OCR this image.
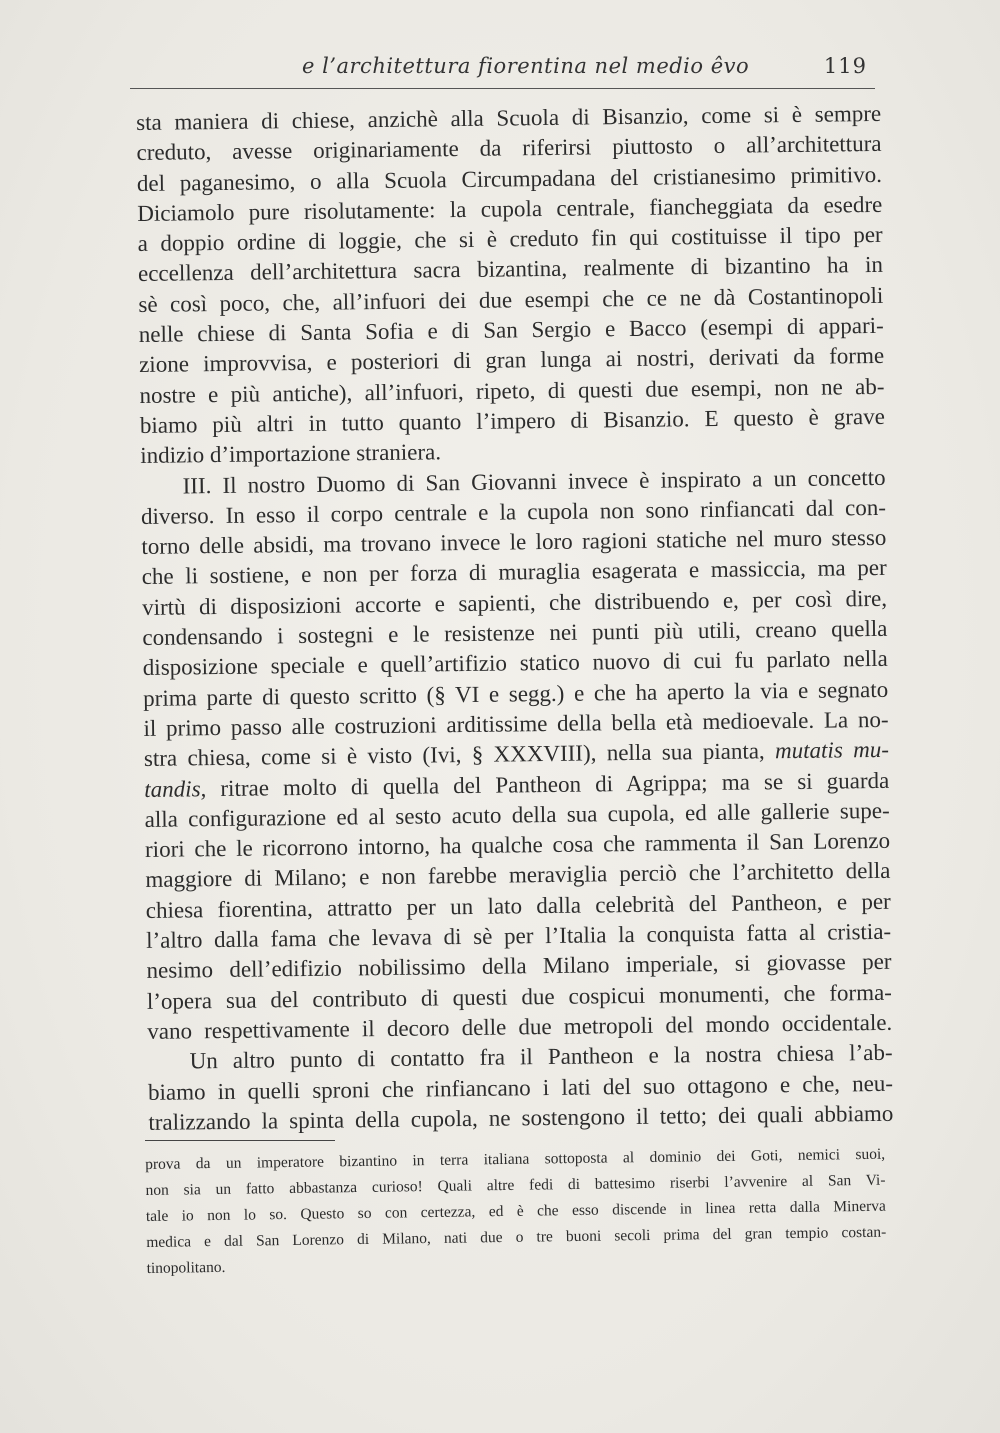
e l’architettura fiorentina nel medio êvo	119
sta maniera di chiese, anzichè alla Scuola di Bisanzio, come si è sempre
creduto, avesse originariamente da riferirsi piuttosto o all’architettura
del paganesimo, o alla Scuola Circumpadana del cristianesimo primitivo.
Diciamolo pure risolutamente: la cupola centrale, fiancheggiata da esedre
a doppio ordine di loggie, che si è creduto fin qui costituisse il tipo per
eccellenza dell’architettura sacra bizantina, realmente di bizantino ha in
sè così poco, che, all’infuori dei due esempi che ce ne dà Costantinopoli
nelle chiese di Santa Sofia e di San Sergio e Bacco (esempi di appari-
zione improvvisa, e posteriori di gran lunga ai nostri, derivati da forme
nostre e più antiche), all’infuori, ripeto, di questi due esempi, non ne ab-
biamo più altri in tutto quanto l’impero di Bisanzio. E questo è grave
indizio d’importazione straniera.
III. Il nostro Duomo di San Giovanni invece è inspirato a un concetto
diverso. In esso il corpo centrale e la cupola non sono rinfiancati dal con-
torno delle absidi, ma trovano invece le loro ragioni statiche nel muro stesso
che li sostiene, e non per forza di muraglia esagerata e massiccia, ma per
virtù di disposizioni accorte e sapienti, che distribuendo e, per così dire,
condensando i sostegni e le resistenze nei punti più utili, creano quella
disposizione speciale e quell’artifizio statico nuovo di cui fu parlato nella
prima parte di questo scritto (§ VI e segg.) e che ha aperto la via e segnato
il primo passo alle costruzioni arditissime della bella età medioevale. La no-
stra chiesa, come si è visto (Ivi, § XXXVIII), nella sua pianta, mutatis mu-
tandis, ritrae molto di quella del Pantheon di Agrippa; ma se si guarda
alla configurazione ed al sesto acuto della sua cupola, ed alle gallerie supe-
riori che le ricorrono intorno, ha qualche cosa che rammenta il San Lorenzo
maggiore di Milano; e non farebbe meraviglia perciò che l’architetto della
chiesa fiorentina, attratto per un lato dalla celebrità del Pantheon, e per
l’altro dalla fama che levava di sè per l’Italia la conquista fatta al cristia-
nesimo dell’edifizio nobilissimo della Milano imperiale, si giovasse per
l’opera sua del contributo di questi due cospicui monumenti, che forma-
vano respettivamente il decoro delle due metropoli del mondo occidentale.
Un altro punto di contatto fra il Pantheon e la nostra chiesa l’ab-
biamo in quelli sproni che rinfiancano i lati del suo ottagono e che, neu-
tralizzando la spinta della cupola, ne sostengono il tetto; dei quali abbiamo
prova da un imperatore bizantino in terra italiana sottoposta al dominio dei Goti, nemici suoi,
non sia un fatto abbastanza curioso! Quali altre fedi di battesimo riserbi l’avvenire al San Vi-
tale io non lo so. Questo so con certezza, ed è che esso discende in linea retta dalla Minerva
medica e dal San Lorenzo di Milano, nati due o tre buoni secoli prima del gran tempio costan-
tinopolitano.
